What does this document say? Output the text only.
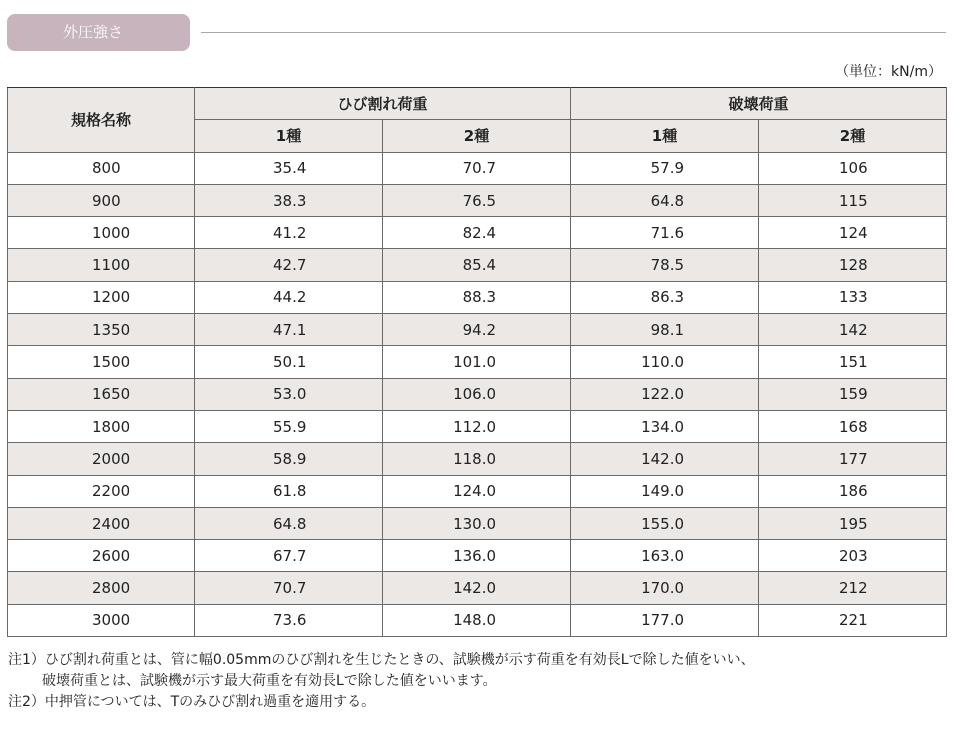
外圧強さ
（単位：kN/m）
規格名称	ひび割れ荷重		破壊荷重	
	1種	2種	1種	2種
800	35.4	70.7	57.9	106
900	38.3	76.5	64.8	115
1000	41.2	82.4	71.6	124
1100	42.7	85.4	78.5	128
1200	44.2	88.3	86.3	133
1350	47.1	94.2	98.1	142
1500	50.1	101.0	110.0	151
1650	53.0	106.0	122.0	159
1800	55.9	112.0	134.0	168
2000	58.9	118.0	142.0	177
2200	61.8	124.0	149.0	186
2400	64.8	130.0	155.0	195
2600	67.7	136.0	163.0	203
2800	70.7	142.0	170.0	212
3000	73.6	148.0	177.0	221
注1）ひび割れ荷重とは、管に幅0.05mmのひび割れを生じたときの、試験機が示す荷重を有効長Lで除した値をいい、
破壊荷重とは、試験機が示す最大荷重を有効長Lで除した値をいいます。
注2）中押管については、Tのみひび割れ過重を適用する。
